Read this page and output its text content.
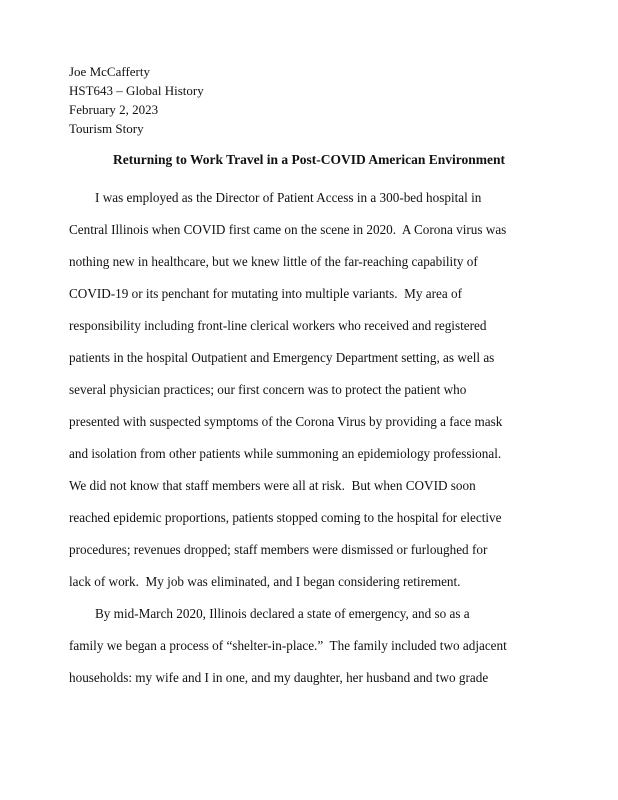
Joe McCafferty
HST643 – Global History
February 2, 2023
Tourism Story
Returning to Work Travel in a Post-COVID American Environment
I was employed as the Director of Patient Access in a 300-bed hospital in
Central Illinois when COVID first came on the scene in 2020.  A Corona virus was
nothing new in healthcare, but we knew little of the far-reaching capability of
COVID-19 or its penchant for mutating into multiple variants.  My area of
responsibility including front-line clerical workers who received and registered
patients in the hospital Outpatient and Emergency Department setting, as well as
several physician practices; our first concern was to protect the patient who
presented with suspected symptoms of the Corona Virus by providing a face mask
and isolation from other patients while summoning an epidemiology professional.
We did not know that staff members were all at risk.  But when COVID soon
reached epidemic proportions, patients stopped coming to the hospital for elective
procedures; revenues dropped; staff members were dismissed or furloughed for
lack of work.  My job was eliminated, and I began considering retirement.
By mid-March 2020, Illinois declared a state of emergency, and so as a
family we began a process of “shelter-in-place.”  The family included two adjacent
households: my wife and I in one, and my daughter, her husband and two grade
